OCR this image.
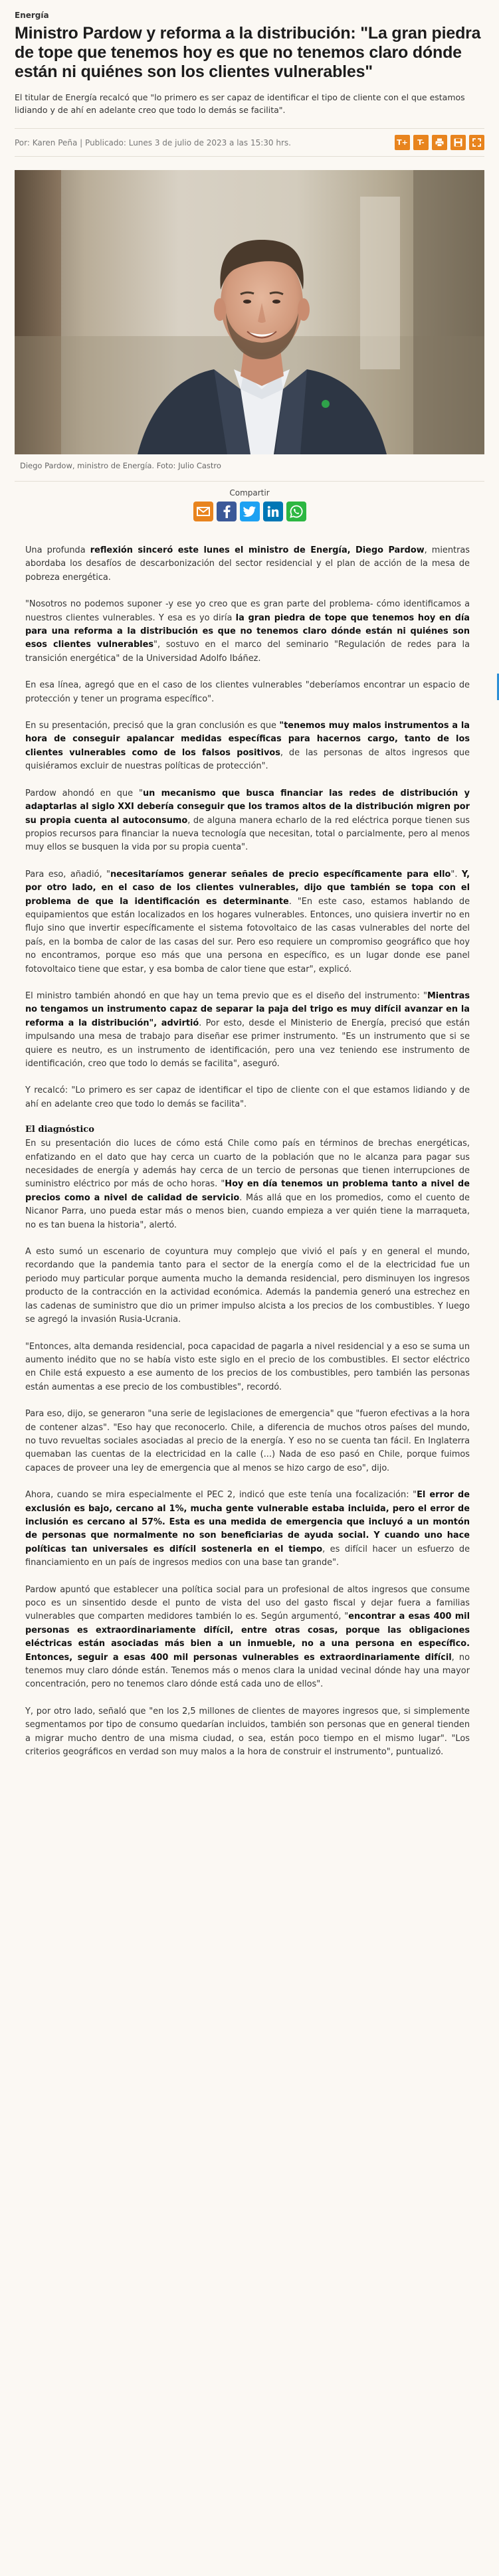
Energía
Ministro Pardow y reforma a la distribución: "La gran piedra de tope que tenemos hoy es que no tenemos claro dónde están ni quiénes son los clientes vulnerables"

El titular de Energía recalcó que "lo primero es ser capaz de identificar el tipo de cliente con el que estamos lidiando y de ahí en adelante creo que todo lo demás se facilita".

Por: Karen Peña | Publicado: Lunes 3 de julio de 2023 a las 15:30 hrs.	T+	T-
Diego Pardow, ministro de Energía. Foto: Julio Castro
Compartir

Una profunda reflexión sinceró este lunes el ministro de Energía, Diego Pardow, mientras abordaba los desafíos de descarbonización del sector residencial y el plan de acción de la mesa de pobreza energética.

"Nosotros no podemos suponer -y ese yo creo que es gran parte del problema- cómo identificamos a nuestros clientes vulnerables. Y esa es yo diría la gran piedra de tope que tenemos hoy en día para una reforma a la distribución es que no tenemos claro dónde están ni quiénes son esos clientes vulnerables", sostuvo en el marco del seminario "Regulación de redes para la transición energética" de la Universidad Adolfo Ibáñez.

En esa línea, agregó que en el caso de los clientes vulnerables "deberíamos encontrar un espacio de protección y tener un programa específico".

En su presentación, precisó que la gran conclusión es que "tenemos muy malos instrumentos a la hora de conseguir apalancar medidas específicas para hacernos cargo, tanto de los clientes vulnerables como de los falsos positivos, de las personas de altos ingresos que quisiéramos excluir de nuestras políticas de protección".

Pardow ahondó en que "un mecanismo que busca financiar las redes de distribución y adaptarlas al siglo XXI debería conseguir que los tramos altos de la distribución migren por su propia cuenta al autoconsumo, de alguna manera echarlo de la red eléctrica porque tienen sus propios recursos para financiar la nueva tecnología que necesitan, total o parcialmente, pero al menos muy ellos se busquen la vida por su propia cuenta".

Para eso, añadió, "necesitaríamos generar señales de precio específicamente para ello". Y, por otro lado, en el caso de los clientes vulnerables, dijo que también se topa con el problema de que la identificación es determinante. "En este caso, estamos hablando de equipamientos que están localizados en los hogares vulnerables. Entonces, uno quisiera invertir no en flujo sino que invertir específicamente el sistema fotovoltaico de las casas vulnerables del norte del país, en la bomba de calor de las casas del sur. Pero eso requiere un compromiso geográfico que hoy no encontramos, porque eso más que una persona en específico, es un lugar donde ese panel fotovoltaico tiene que estar, y esa bomba de calor tiene que estar", explicó.

El ministro también ahondó en que hay un tema previo que es el diseño del instrumento: "Mientras no tengamos un instrumento capaz de separar la paja del trigo es muy difícil avanzar en la reforma a la distribución", advirtió. Por esto, desde el Ministerio de Energía, precisó que están impulsando una mesa de trabajo para diseñar ese primer instrumento. "Es un instrumento que si se quiere es neutro, es un instrumento de identificación, pero una vez teniendo ese instrumento de identificación, creo que todo lo demás se facilita", aseguró.

Y recalcó: "Lo primero es ser capaz de identificar el tipo de cliente con el que estamos lidiando y de ahí en adelante creo que todo lo demás se facilita".

El diagnóstico

En su presentación dio luces de cómo está Chile como país en términos de brechas energéticas, enfatizando en el dato que hay cerca un cuarto de la población que no le alcanza para pagar sus necesidades de energía y además hay cerca de un tercio de personas que tienen interrupciones de suministro eléctrico por más de ocho horas. "Hoy en día tenemos un problema tanto a nivel de precios como a nivel de calidad de servicio. Más allá que en los promedios, como el cuento de Nicanor Parra, uno pueda estar más o menos bien, cuando empieza a ver quién tiene la marraqueta, no es tan buena la historia", alertó.

A esto sumó un escenario de coyuntura muy complejo que vivió el país y en general el mundo, recordando que la pandemia tanto para el sector de la energía como el de la electricidad fue un periodo muy particular porque aumenta mucho la demanda residencial, pero disminuyen los ingresos producto de la contracción en la actividad económica. Además la pandemia generó una estrechez en las cadenas de suministro que dio un primer impulso alcista a los precios de los combustibles. Y luego se agregó la invasión Rusia-Ucrania.

"Entonces, alta demanda residencial, poca capacidad de pagarla a nivel residencial y a eso se suma un aumento inédito que no se había visto este siglo en el precio de los combustibles. El sector eléctrico en Chile está expuesto a ese aumento de los precios de los combustibles, pero también las personas están aumentas a ese precio de los combustibles", recordó.

Para eso, dijo, se generaron "una serie de legislaciones de emergencia" que "fueron efectivas a la hora de contener alzas". "Eso hay que reconocerlo. Chile, a diferencia de muchos otros países del mundo, no tuvo revueltas sociales asociadas al precio de la energía. Y eso no se cuenta tan fácil. En Inglaterra quemaban las cuentas de la electricidad en la calle (...) Nada de eso pasó en Chile, porque fuimos capaces de proveer una ley de emergencia que al menos se hizo cargo de eso", dijo.

Ahora, cuando se mira especialmente el PEC 2, indicó que este tenía una focalización: "El error de exclusión es bajo, cercano al 1%, mucha gente vulnerable estaba incluida, pero el error de inclusión es cercano al 57%. Esta es una medida de emergencia que incluyó a un montón de personas que normalmente no son beneficiarias de ayuda social. Y cuando uno hace políticas tan universales es difícil sostenerla en el tiempo, es difícil hacer un esfuerzo de financiamiento en un país de ingresos medios con una base tan grande".

Pardow apuntó que establecer una política social para un profesional de altos ingresos que consume poco es un sinsentido desde el punto de vista del uso del gasto fiscal y dejar fuera a familias vulnerables que comparten medidores también lo es. Según argumentó, "encontrar a esas 400 mil personas es extraordinariamente difícil, entre otras cosas, porque las obligaciones eléctricas están asociadas más bien a un inmueble, no a una persona en específico. Entonces, seguir a esas 400 mil personas vulnerables es extraordinariamente difícil, no tenemos muy claro dónde están. Tenemos más o menos clara la unidad vecinal dónde hay una mayor concentración, pero no tenemos claro dónde está cada uno de ellos".

Y, por otro lado, señaló que "en los 2,5 millones de clientes de mayores ingresos que, si simplemente segmentamos por tipo de consumo quedarían incluidos, también son personas que en general tienden a migrar mucho dentro de una misma ciudad, o sea, están poco tiempo en el mismo lugar". "Los criterios geográficos en verdad son muy malos a la hora de construir el instrumento", puntualizó.
